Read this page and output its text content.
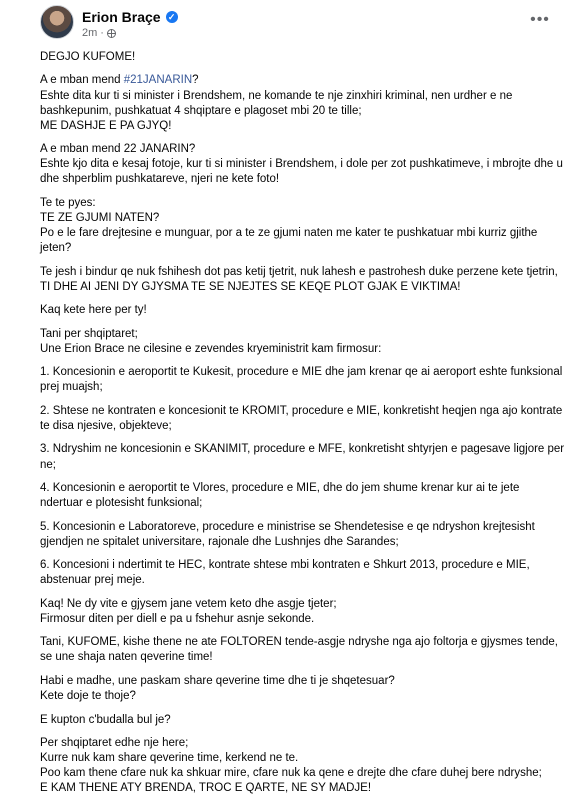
Erion Braçe ✓
2m ·
•••

DEGJO KUFOME!

A e mban mend #21JANARIN?
Eshte dita kur ti si minister i Brendshem, ne komande te nje zinxhiri kriminal, nen urdher e ne bashkepunim, pushkatuat 4 shqiptare e plagoset mbi 20 te tille;
ME DASHJE E PA GJYQ!

A e mban mend 22 JANARIN?
Eshte kjo dita e kesaj fotoje, kur ti si minister i Brendshem, i dole per zot pushkatimeve, i mbrojte dhe u dhe shperblim pushkatareve, njeri ne kete foto!

Te te pyes:
TE ZE GJUMI NATEN?
Po e le fare drejtesine e munguar, por a te ze gjumi naten me kater te pushkatuar mbi kurriz gjithe jeten?

Te jesh i bindur qe nuk fshihesh dot pas ketij tjetrit, nuk lahesh e pastrohesh duke perzene kete tjetrin, TI DHE AI JENI DY GJYSMA TE SE NJEJTES SE KEQE PLOT GJAK E VIKTIMA!

Kaq kete here per ty!

Tani per shqiptaret;
Une Erion Brace ne cilesine e zevendes kryeministrit kam firmosur:

1. Koncesionin e aeroportit te Kukesit, procedure e MIE dhe jam krenar qe ai aeroport eshte funksional prej muajsh;

2. Shtese ne kontraten e koncesionit te KROMIT, procedure e MIE, konkretisht heqjen nga ajo kontrate te disa njesive, objekteve;

3. Ndryshim ne koncesionin e SKANIMIT, procedure e MFE, konkretisht shtyrjen e pagesave ligjore per ne;

4. Koncesionin e aeroportit te Vlores, procedure e MIE, dhe do jem shume krenar kur ai te jete ndertuar e plotesisht funksional;

5. Koncesionin e Laboratoreve, procedure e ministrise se Shendetesise e qe ndryshon krejtesisht gjendjen ne spitalet universitare, rajonale dhe Lushnjes dhe Sarandes;

6. Koncesioni i ndertimit te HEC, kontrate shtese mbi kontraten e Shkurt 2013, procedure e MIE, abstenuar prej meje.

Kaq! Ne dy vite e gjysem jane vetem keto dhe asgje tjeter;
Firmosur diten per diell e pa u fshehur asnje sekonde.

Tani, KUFOME, kishe thene ne ate FOLTOREN tende-asgje ndryshe nga ajo foltorja e gjysmes tende, se une shaja naten qeverine time!

Habi e madhe, une paskam share qeverine time dhe ti je shqetesuar?
Kete doje te thoje?

E kupton c'budalla bul je?

Per shqiptaret edhe nje here;
Kurre nuk kam share qeverine time, kerkend ne te.
Poo kam thene cfare nuk ka shkuar mire, cfare nuk ka qene e drejte dhe cfare duhej bere ndryshe;
E KAM THENE ATY BRENDA, TROC E QARTE, NE SY MADJE!
